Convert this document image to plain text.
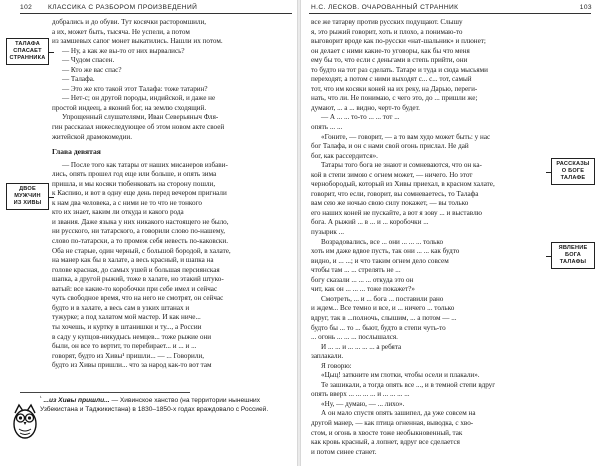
102 КЛАССИКА С РАЗБОРОМ ПРОИЗВЕДЕНИЙ
ТАЛАФА
СПАСАЕТ
СТРАННИКА
ДВОЕ
МУЖЧИН
ИЗ ХИВЫ

добрались и до обуви. Тут косячки расторомшили,

а их, может быть, тысяча. Не успели, а потом

из замшевых сапог монет выкатились. Нашли их потом.

— Ну, а как же вы-то от них вырвались?

— Чудом спасен.

— Кто же вас спас?

— Талафа.

— Это же кто такой этот Талафа: тоже татарин?

— Нет-с; он другой породы, индийской, и даже не

простой индеец, а яконий бог, на землю сходящий.

Упрощенный слушателями, Иван Северьяныч Фля-

гин рассказал нижеследующее об этом новом акте своей

житейской драмокомедии.

Глава девятая

— После того как татары от наших мисанеров избави-

лись, опять прошел год еще или больше, и опять зима

пришла, и мы косяки тюбенковать на сторону пошли,

к Каспию, и вот в одну еще день перед вечером пригнали

к нам два человека, а с ними не то что не тонкого

кто их знает, каким ли откуда и какого рода

и звания. Даже языка у них никакого настоящего не было,

ни русского, ни татарского, а говорили слово по-нашему,

слово по-татарски, а то промеж себя невесть по-каковски.

Оба не старые, один черный, с большой бородой, в халате,

на манер как бы в халате, а весь красный, и шапка на

голове красная, до самых ушей и большая персиянская

шапка, а другой рыжий, тоже в халате, но этакий штуко-

ватый: все какие-то коробочки при себе имел и сейчас

чуть свободное время, что на него не смотрят, он сейчас

будто и в халате, а весь сам в узких штанах и

тужурке; а под халатом мой мастер. И как ниче...

ты хочешь, и куртку в штанишки и ту..., а России

в саду у купцов-никудысь немцев... тоже рыжие они

были, он все то вертит, то перебирает... и ... и ...

говорят, будто из Хивы¹ пришли... — ... Говорили,

будто из Хивы пришли... что за народ как-то вот там

$^{^1}$ ...из Хивы пришли... — Хивинское ханство (на территории нынешних Узбекистана и Таджикистана) в 1830–1850-х годах враждовало с Россией.
Н.С. ЛЕСКОВ. ОЧАРОВАННЫЙ СТРАННИК	103
РАССКАЗЫ
О БОГЕ
ТАЛАФЕ
ЯВЛЕНИЕ
БОГА
ТАЛАФЫ

все же татарву против русских подущают. Слышу

я, это рыжий говорит, хоть и плохо, а понимаю-то

выговорит вроде как по-русски «нат-шальник» и плюнет;

он делает с ними какие-то уговоры, как бы что меня

ему бы то, что если с деньгами в степь прийти, они

то будто на тот раз сделать. Татаре и туда и сюда мысьями

переходят, а потом с ними выходят с... с... тот, самый

тот, что им косяки коней на их реку, на Дарью, переги-

нать, что ли. Не понимаю, с чего это, до ... пришли же;

думают, ... а ... видно, черт-то будет.

— А ... ... то-то ... ... тот ...

опять ... ...

«Гоните, — говорит, — а то вам худо может быть: у нас

бог Талафа, и он с нами свой огонь прислал. Не дай

бог, как рассердится».

Татары того бога не знают и сомневаются, что он ка-

кой в степи зимою с огнем может, — ничего. Но этот

чернобородый, который из Хивы приехал, в красном халате,

говорит, что если, говорит, вы сомневаетесь, то Талафа

вам сею же ночью свою силу покажет, — вы только

его наших коней не пускайте, а вот я зову ... и выставлю

бога. А рыжий ... в ... и ... коробочки ...

пузырик ...

Возрадовались, все ... они ... ... ... только

хоть им даже вдвое пусть, так они ... ... как будто

видно, и ... ...; и что таким огнем дело совсем

чтобы там ... ... стрелять не ...

богу сказали ... ... ... откуда это он

чит, как он ... ... ... тоже покажет?»

Смотреть, ... и ... бога ... поставили рано

и ждем... Все темно и все, и ... ничего ... только

вдруг, так в ...полночь, слышим, ... а потом — ...

будто бы ... то ... бьют, будто в степи чуть-то

... огонь ... ... ... послышался.

И ... ... и ... ... ... ... а ребята

заплакали.

Я говорю:

«Цыц! заткните им глотки, чтобы осели и плакали».

Те зашикали, а тогда опять все ..., и в темной степи вдруг

опять вверх ... ... ... ... и ... ... ... ...

«Ну, — думаю, — ... лихо».

А он мало спустя опять зашипел, да уже совсем на

другой манер, — как птица огненная, выводка, с хво-

стом, и огонь в хвосте тоже необыкновенный, так

как кровь красный, а лопнет, вдруг все сделается

и потом синее станет.
